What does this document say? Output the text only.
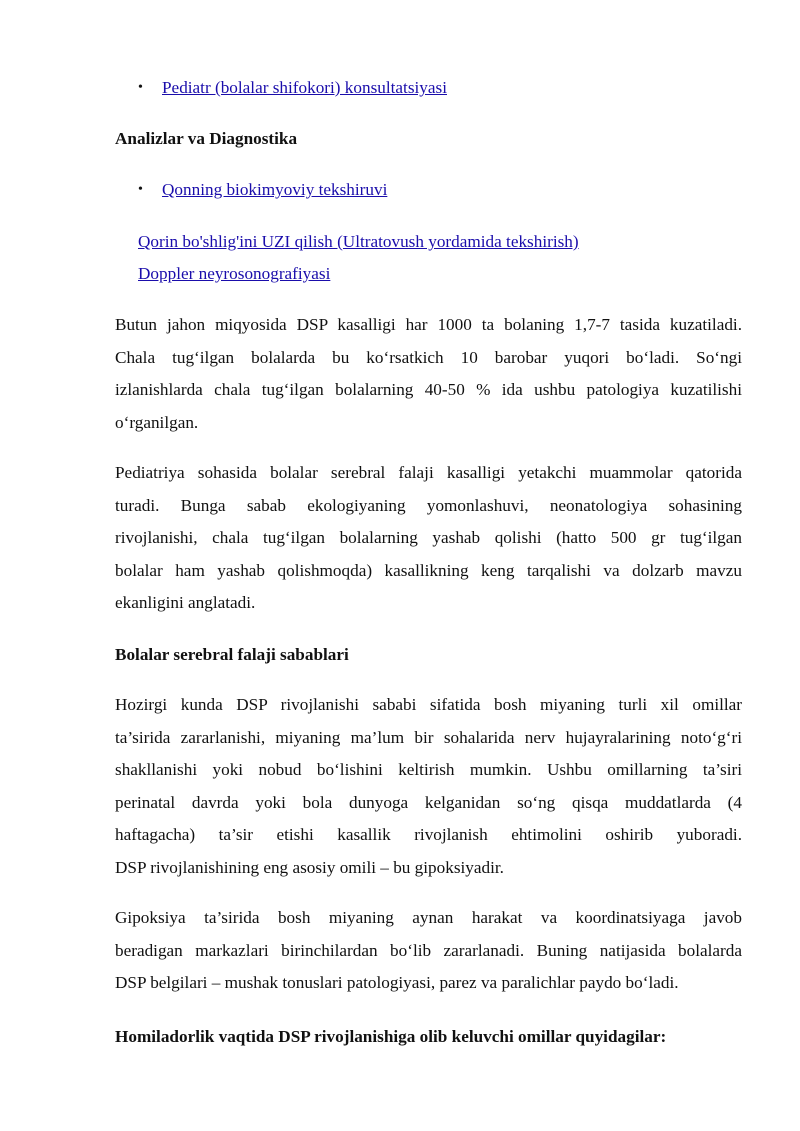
• Pediatr (bolalar shifokori) konsultatsiyasi
Analizlar va Diagnostika
• Qonning biokimyoviy tekshiruvi
Qorin bo'shlig'ini UZI qilish (Ultratovush yordamida tekshirish)
Doppler neyrosonografiyasi
Butun jahon miqyosida DSP kasalligi har 1000 ta bolaning 1,7-7 tasida kuzatiladi.
Chala tug‘ilgan bolalarda bu ko‘rsatkich 10 barobar yuqori bo‘ladi. So‘ngi
izlanishlarda chala tug‘ilgan bolalarning 40-50 % ida ushbu patologiya kuzatilishi
o‘rganilgan.
Pediatriya sohasida bolalar serebral falaji kasalligi yetakchi muammolar qatorida
turadi. Bunga sabab ekologiyaning yomonlashuvi, neonatologiya sohasining
rivojlanishi, chala tug‘ilgan bolalarning yashab qolishi (hatto 500 gr tug‘ilgan
bolalar ham yashab qolishmoqda) kasallikning keng tarqalishi va dolzarb mavzu
ekanligini anglatadi.
Bolalar serebral falaji sabablari
Hozirgi kunda DSP rivojlanishi sababi sifatida bosh miyaning turli xil omillar
ta’sirida zararlanishi, miyaning ma’lum bir sohalarida nerv hujayralarining noto‘g‘ri
shakllanishi yoki nobud bo‘lishini keltirish mumkin. Ushbu omillarning ta’siri
perinatal davrda yoki bola dunyoga kelganidan so‘ng qisqa muddatlarda (4
haftagacha) ta’sir etishi kasallik rivojlanish ehtimolini oshirib yuboradi.
DSP rivojlanishining eng asosiy omili – bu gipoksiyadir.
Gipoksiya ta’sirida bosh miyaning aynan harakat va koordinatsiyaga javob
beradigan markazlari birinchilardan bo‘lib zararlanadi. Buning natijasida bolalarda
DSP belgilari – mushak tonuslari patologiyasi, parez va paralichlar paydo bo‘ladi.
Homiladorlik vaqtida DSP rivojlanishiga olib keluvchi omillar quyidagilar:
